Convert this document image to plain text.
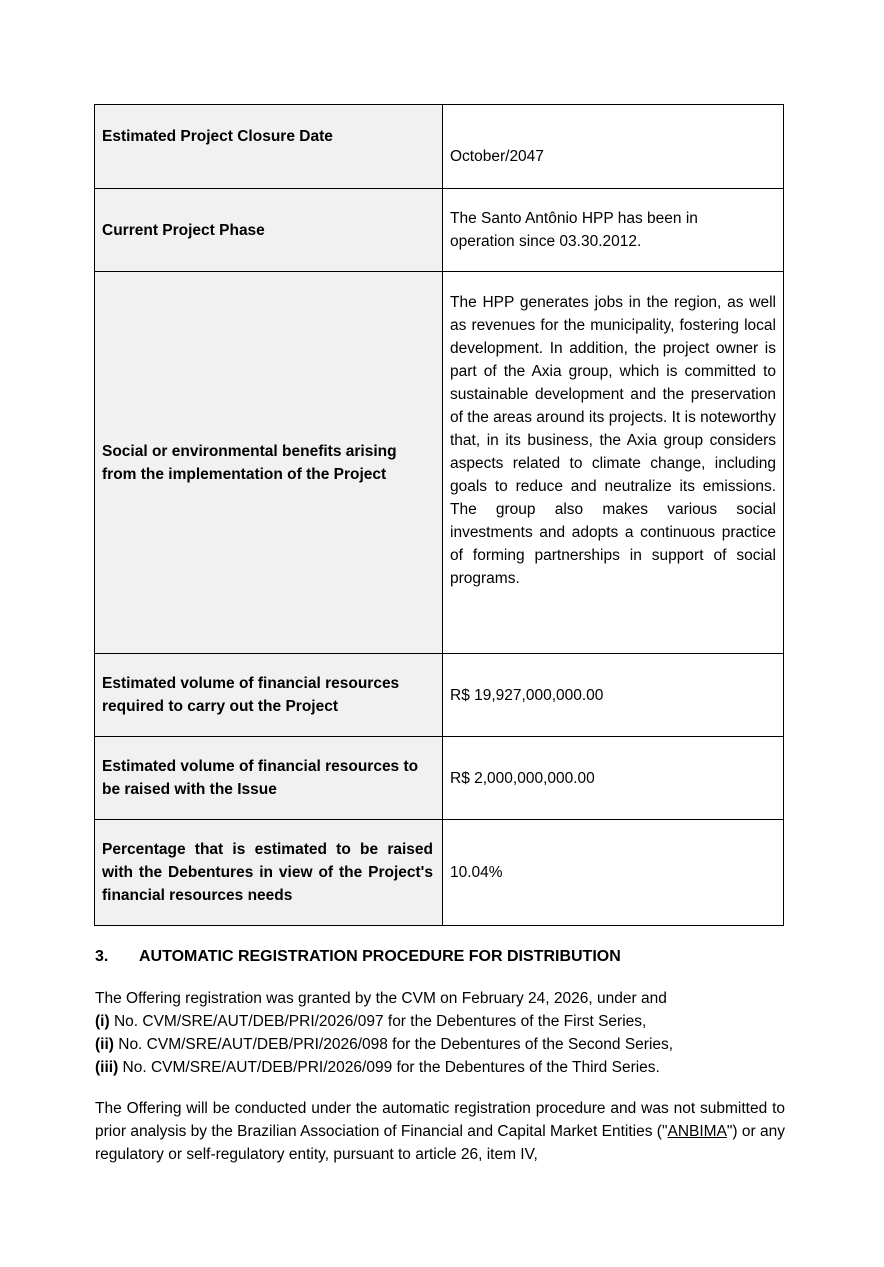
Estimated Project Closure Date	October/2047
Current Project Phase	The Santo Antônio HPP has been in operation since 03.30.2012.

Social or environmental benefits arising from the implementation of the Project	The HPP generates jobs in the region, as well as revenues for the municipality, fostering local development. In addition, the project owner is part of the Axia group, which is committed to sustainable development and the preservation of the areas around its projects. It is noteworthy that, in its business, the Axia group considers aspects related to climate change, including goals to reduce and neutralize its emissions. The group also makes various social investments and adopts a continuous practice of forming partnerships in support of social programs.

Estimated volume of financial resources required to carry out the Project	R$ 19,927,000,000.00

Estimated volume of financial resources to be raised with the Issue	R$ 2,000,000,000.00

Percentage that is estimated to be raised with the Debentures in view of the Project's financial resources needs	10.04%
3. AUTOMATIC REGISTRATION PROCEDURE FOR DISTRIBUTION
The Offering registration was granted by the CVM on February 24, 2026, under and
(i) No. CVM/SRE/AUT/DEB/PRI/2026/097 for the Debentures of the First Series,
(ii) No. CVM/SRE/AUT/DEB/PRI/2026/098 for the Debentures of the Second Series,
(iii) No. CVM/SRE/AUT/DEB/PRI/2026/099 for the Debentures of the Third Series.
The Offering will be conducted under the automatic registration procedure and was not submitted to prior analysis by the Brazilian Association of Financial and Capital Market Entities ("ANBIMA") or any regulatory or self-regulatory entity, pursuant to article 26, item IV,
